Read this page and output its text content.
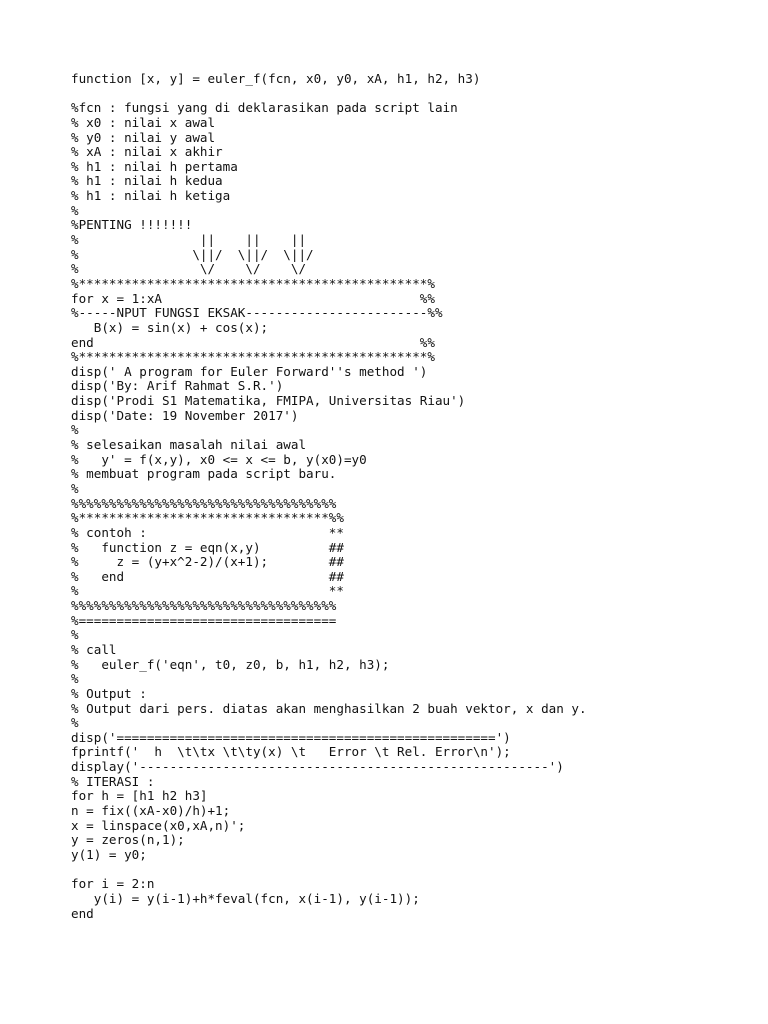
function [x, y] = euler_f(fcn, x0, y0, xA, h1, h2, h3)
%fcn : fungsi yang di deklarasikan pada script lain
% x0 : nilai x awal
% y0 : nilai y awal
% xA : nilai x akhir
% h1 : nilai h pertama
% h1 : nilai h kedua
% h1 : nilai h ketiga
%
%PENTING !!!!!!!
%                ||    ||    ||
%               \||/  \||/  \||/
%                \/    \/    \/
%**********************************************%
for x = 1:xA                                  %%
%-----NPUT FUNGSI EKSAK------------------------%%
B(x) = sin(x) + cos(x);
end                                           %%
%**********************************************%
disp(' A program for Euler Forward''s method ')
disp('By: Arif Rahmat S.R.')
disp('Prodi S1 Matematika, FMIPA, Universitas Riau')
disp('Date: 19 November 2017')
%
% selesaikan masalah nilai awal
%   y' = f(x,y), x0 <= x <= b, y(x0)=y0
% membuat program pada script baru.
%
%%%%%%%%%%%%%%%%%%%%%%%%%%%%%%%%%%%
%*********************************%%
% contoh :                        **
%   function z = eqn(x,y)         ##
%     z = (y+x^2-2)/(x+1);        ##
%   end                           ##
%                                 **
%%%%%%%%%%%%%%%%%%%%%%%%%%%%%%%%%%%
%==================================
%
% call
%   euler_f('eqn', t0, z0, b, h1, h2, h3);
%
% Output :
% Output dari pers. diatas akan menghasilkan 2 buah vektor, x dan y.
%
disp('==================================================')
fprintf('  h  \t\tx \t\ty(x) \t   Error \t Rel. Error\n');
display('------------------------------------------------------')
% ITERASI :
for h = [h1 h2 h3]
n = fix((xA-x0)/h)+1;
x = linspace(x0,xA,n)';
y = zeros(n,1);
y(1) = y0;
for i = 2:n
y(i) = y(i-1)+h*feval(fcn, x(i-1), y(i-1));
end
